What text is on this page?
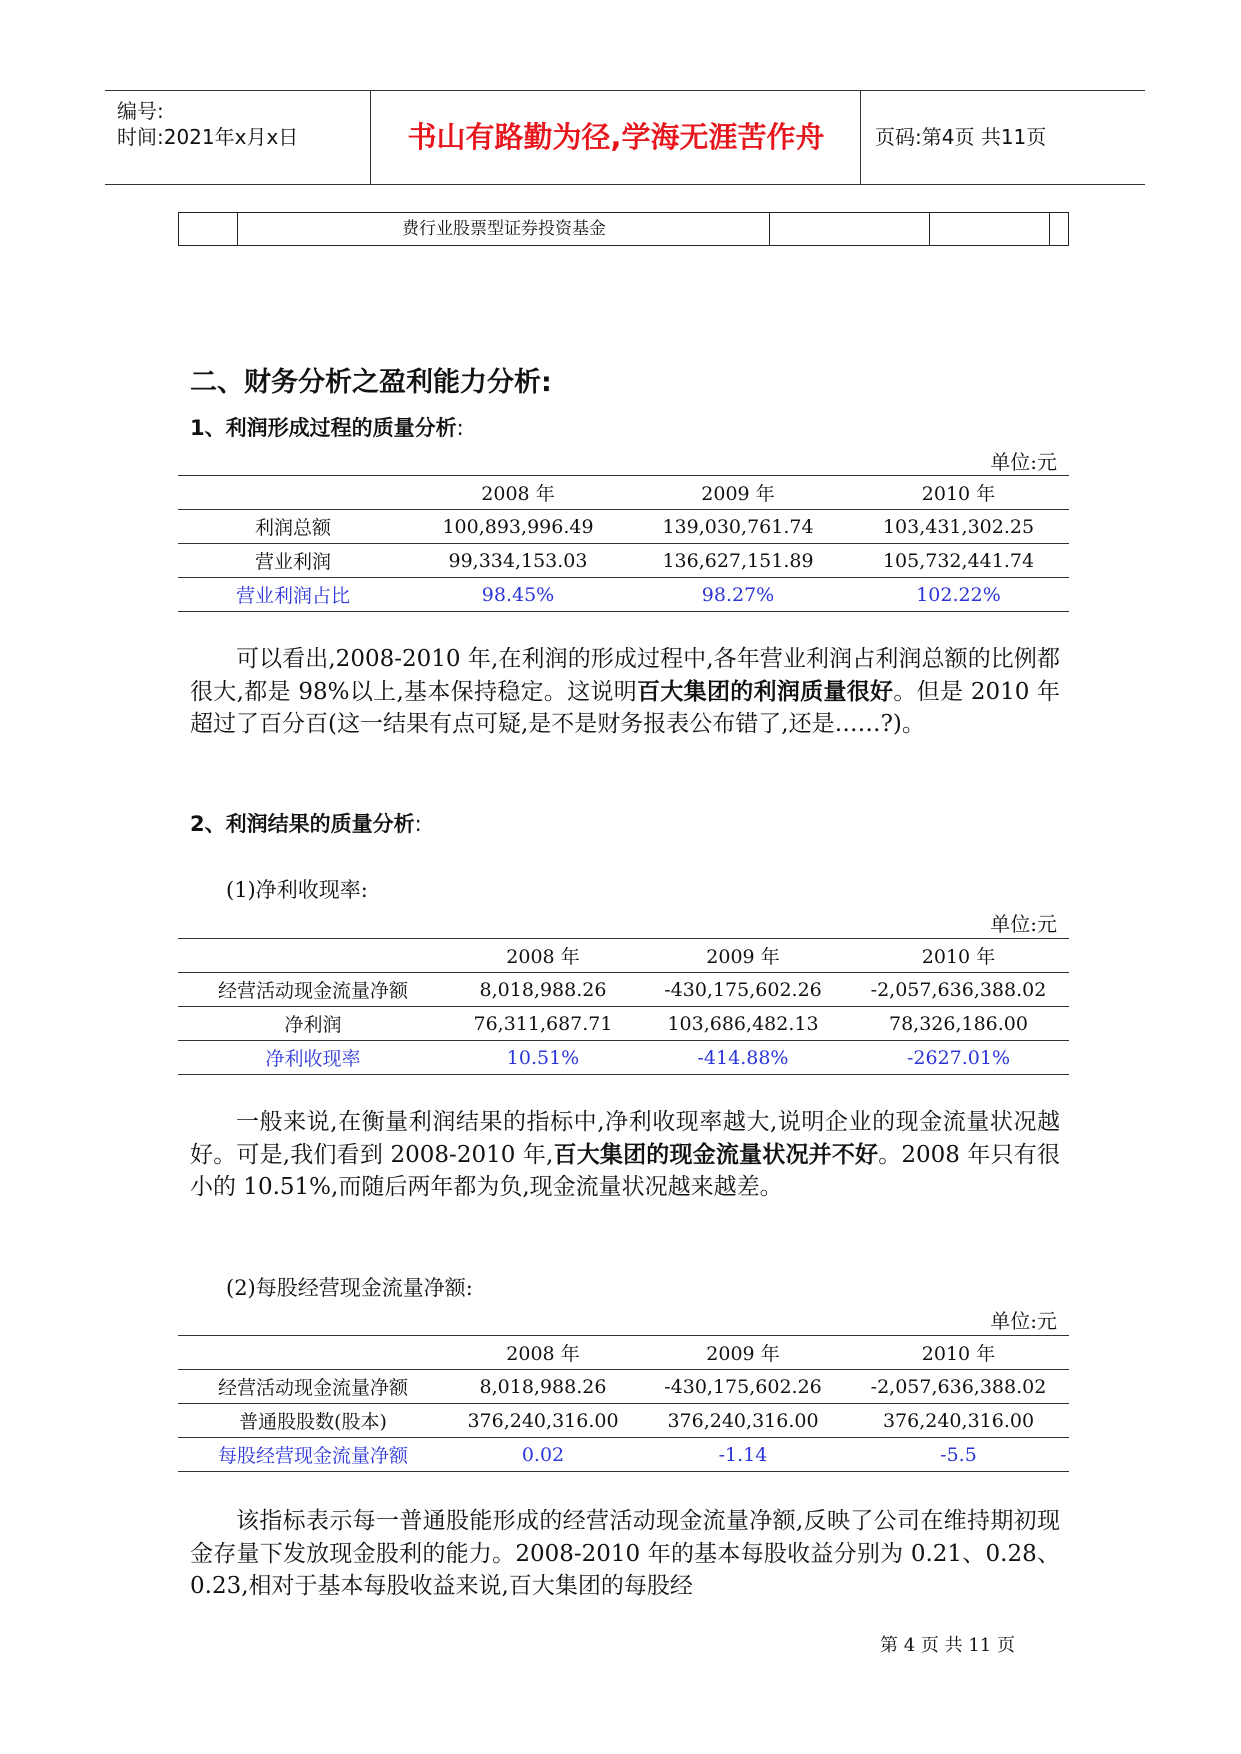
编号:
时间:2021年x月x日	书山有路勤为径,学海无涯苦作舟	页码:第4页 共11页
费行业股票型证券投资基金
二、财务分析之盈利能力分析:
1、利润形成过程的质量分析:
单位:元
	2008 年	2009 年	2010 年
利润总额	100,893,996.49	139,030,761.74	103,431,302.25
营业利润	99,334,153.03	136,627,151.89	105,732,441.74
营业利润占比	98.45%	98.27%	102.22%
可以看出,2008-2010 年,在利润的形成过程中,各年营业利润占利润总额的比例都很大,都是 98%以上,基本保持稳定。这说明百大集团的利润质量很好。但是 2010 年超过了百分百(这一结果有点可疑,是不是财务报表公布错了,还是……?)。
2、利润结果的质量分析:
(1)净利收现率:
单位:元
	2008 年	2009 年	2010 年
经营活动现金流量净额	8,018,988.26	-430,175,602.26	-2,057,636,388.02
净利润	76,311,687.71	103,686,482.13	78,326,186.00
净利收现率	10.51%	-414.88%	-2627.01%
一般来说,在衡量利润结果的指标中,净利收现率越大,说明企业的现金流量状况越好。可是,我们看到 2008-2010 年,百大集团的现金流量状况并不好。2008 年只有很小的 10.51%,而随后两年都为负,现金流量状况越来越差。
(2)每股经营现金流量净额:
单位:元
	2008 年	2009 年	2010 年
经营活动现金流量净额	8,018,988.26	-430,175,602.26	-2,057,636,388.02
普通股股数(股本)	376,240,316.00	376,240,316.00	376,240,316.00
每股经营现金流量净额	0.02	-1.14	-5.5
该指标表示每一普通股能形成的经营活动现金流量净额,反映了公司在维持期初现金存量下发放现金股利的能力。2008-2010 年的基本每股收益分别为 0.21、0.28、0.23,相对于基本每股收益来说,百大集团的每股经
第 4 页 共 11 页
